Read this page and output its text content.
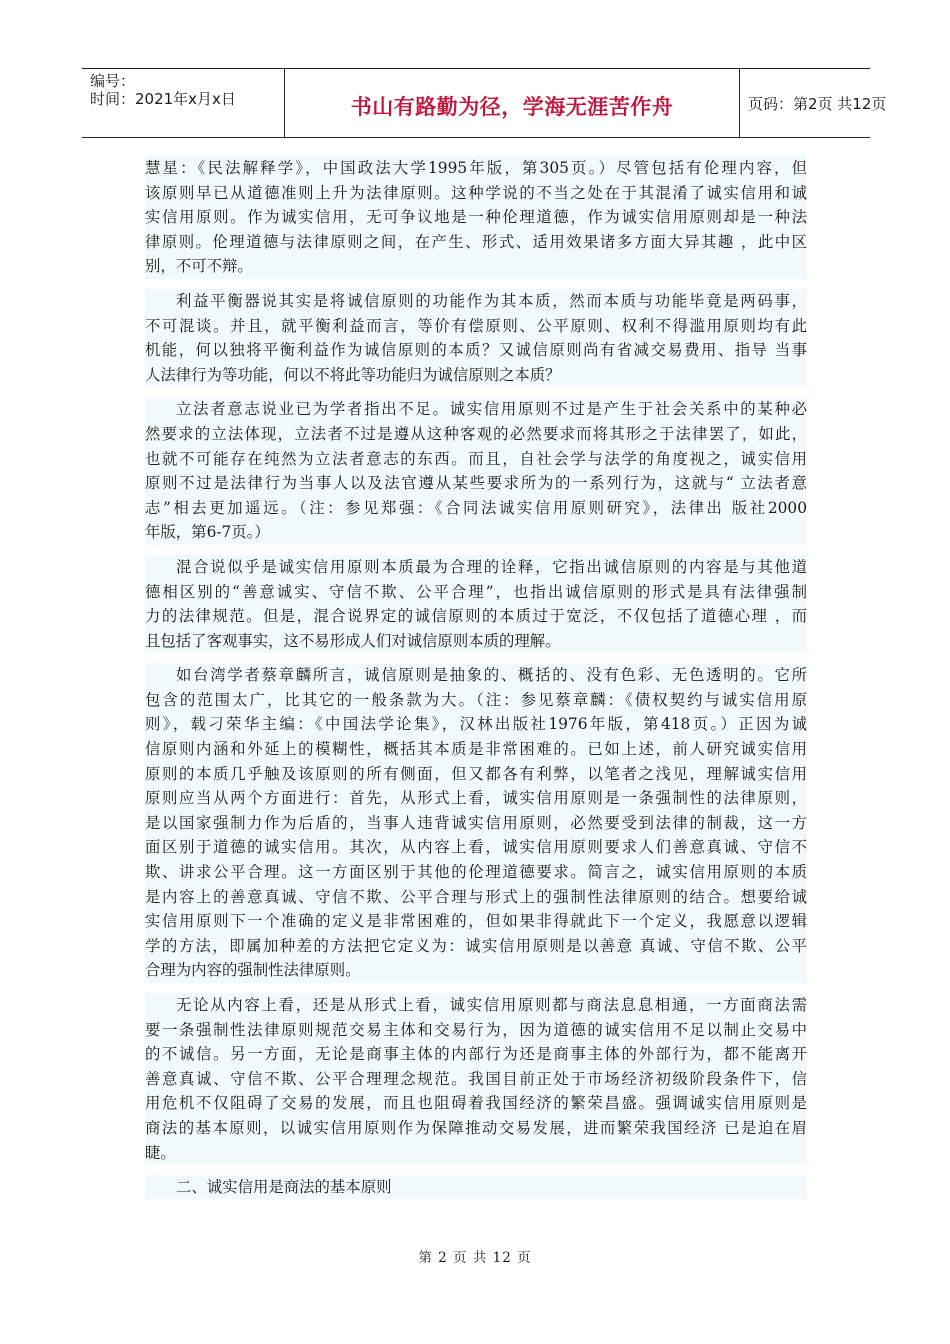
编号：
时间：2021年x月x日	书山有路勤为径，学海无涯苦作舟	页码：第2页 共12页
慧星：《民法解释学》，中国政法大学1995年版，第305页。）尽管包括有伦理内容，但
该原则早已从道德准则上升为法律原则。这种学说的不当之处在于其混淆了诚实信用和诚
实信用原则。作为诚实信用，无可争议地是一种伦理道德，作为诚实信用原则却是一种法
律原则。伦理道德与法律原则之间，在产生、形式、适用效果诸多方面大异其趣 ，此中区
别，不可不辩。
利益平衡器说其实是将诚信原则的功能作为其本质，然而本质与功能毕竟是两码事，
不可混谈。并且，就平衡利益而言，等价有偿原则、公平原则、权利不得滥用原则均有此
机能，何以独将平衡利益作为诚信原则的本质？又诚信原则尚有省减交易费用、指导 当事
人法律行为等功能，何以不将此等功能归为诚信原则之本质？
立法者意志说业已为学者指出不足。诚实信用原则不过是产生于社会关系中的某种必
然要求的立法体现，立法者不过是遵从这种客观的必然要求而将其形之于法律罢了，如此，
也就不可能存在纯然为立法者意志的东西。而且，自社会学与法学的角度视之，诚实信用
原则不过是法律行为当事人以及法官遵从某些要求所为的一系列行为，这就与“ 立法者意
志”相去更加遥远。（注：参见郑强：《合同法诚实信用原则研究》，法律出 版社2000
年版，第6-7页。）
混合说似乎是诚实信用原则本质最为合理的诠释，它指出诚信原则的内容是与其他道
德相区别的“善意诚实、守信不欺、公平合理”，也指出诚信原则的形式是具有法律强制
力的法律规范。但是，混合说界定的诚信原则的本质过于宽泛，不仅包括了道德心理 ，而
且包括了客观事实，这不易形成人们对诚信原则本质的理解。
如台湾学者蔡章麟所言，诚信原则是抽象的、概括的、没有色彩、无色透明的。它所
包含的范围太广，比其它的一般条款为大。（注：参见蔡章麟：《债权契约与诚实信用原
则》，载刁荣华主编：《中国法学论集》，汉林出版社1976年版，第418页。）正因为诚
信原则内涵和外延上的模糊性，概括其本质是非常困难的。已如上述，前人研究诚实信用
原则的本质几乎触及该原则的所有侧面，但又都各有利弊，以笔者之浅见，理解诚实信用
原则应当从两个方面进行：首先，从形式上看，诚实信用原则是一条强制性的法律原则，
是以国家强制力作为后盾的，当事人违背诚实信用原则，必然要受到法律的制裁，这一方
面区别于道德的诚实信用。其次，从内容上看，诚实信用原则要求人们善意真诚、守信不
欺、讲求公平合理。这一方面区别于其他的伦理道德要求。简言之，诚实信用原则的本质
是内容上的善意真诚、守信不欺、公平合理与形式上的强制性法律原则的结合。想要给诚
实信用原则下一个准确的定义是非常困难的，但如果非得就此下一个定义，我愿意以逻辑
学的方法，即属加种差的方法把它定义为：诚实信用原则是以善意 真诚、守信不欺、公平
合理为内容的强制性法律原则。
无论从内容上看，还是从形式上看，诚实信用原则都与商法息息相通，一方面商法需
要一条强制性法律原则规范交易主体和交易行为，因为道德的诚实信用不足以制止交易中
的不诚信。另一方面，无论是商事主体的内部行为还是商事主体的外部行为，都不能离开
善意真诚、守信不欺、公平合理理念规范。我国目前正处于市场经济初级阶段条件下，信
用危机不仅阻碍了交易的发展，而且也阻碍着我国经济的繁荣昌盛。强调诚实信用原则是
商法的基本原则，以诚实信用原则作为保障推动交易发展，进而繁荣我国经济 已是迫在眉
睫。
二、诚实信用是商法的基本原则
第 2 页 共 12 页
